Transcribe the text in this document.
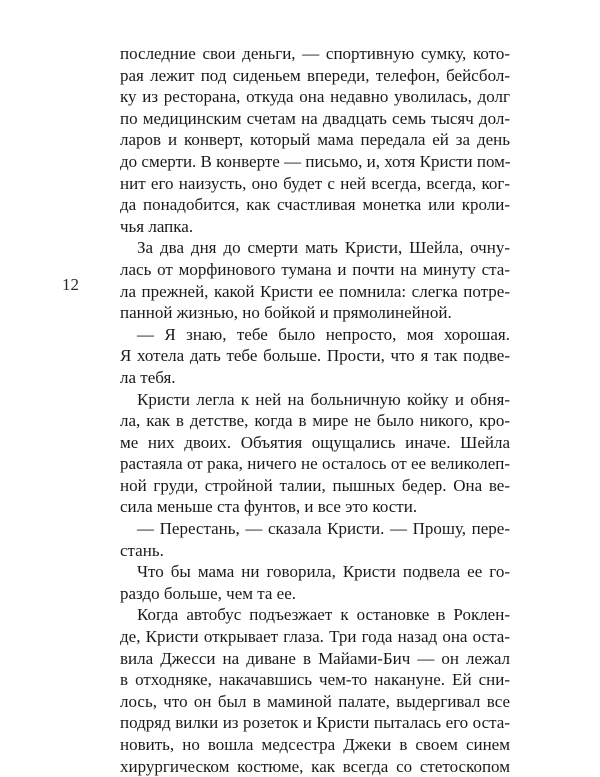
12
последние свои деньги, — спортивную сумку, кото-
рая лежит под сиденьем впереди, телефон, бейсбол-
ку из ресторана, откуда она недавно уволилась, долг
по медицинским счетам на двадцать семь тысяч дол-
ларов и конверт, который мама передала ей за день
до смерти. В конверте — письмо, и, хотя Кристи пом-
нит его наизусть, оно будет с ней всегда, всегда, ког-
да понадобится, как счастливая монетка или кроли-
чья лапка.
За два дня до смерти мать Кристи, Шейла, очну-
лась от морфинового тумана и почти на минуту ста-
ла прежней, какой Кристи ее помнила: слегка потре-
панной жизнью, но бойкой и прямолинейной.
— Я знаю, тебе было непросто, моя хорошая.
Я хотела дать тебе больше. Прости, что я так подве-
ла тебя.
Кристи легла к ней на больничную койку и обня-
ла, как в детстве, когда в мире не было никого, кро-
ме них двоих. Объятия ощущались иначе. Шейла
растаяла от рака, ничего не осталось от ее великолеп-
ной груди, стройной талии, пышных бедер. Она ве-
сила меньше ста фунтов, и все это кости.
— Перестань, — сказала Кристи. — Прошу, пере-
стань.
Что бы мама ни говорила, Кристи подвела ее го-
раздо больше, чем та ее.
Когда автобус подъезжает к остановке в Роклен-
де, Кристи открывает глаза. Три года назад она оста-
вила Джесси на диване в Майами-Бич — он лежал
в отходняке, накачавшись чем-то накануне. Ей сни-
лось, что он был в маминой палате, выдергивал все
подряд вилки из розеток и Кристи пыталась его оста-
новить, но вошла медсестра Джеки в своем синем
хирургическом костюме, как всегда со стетоскопом
